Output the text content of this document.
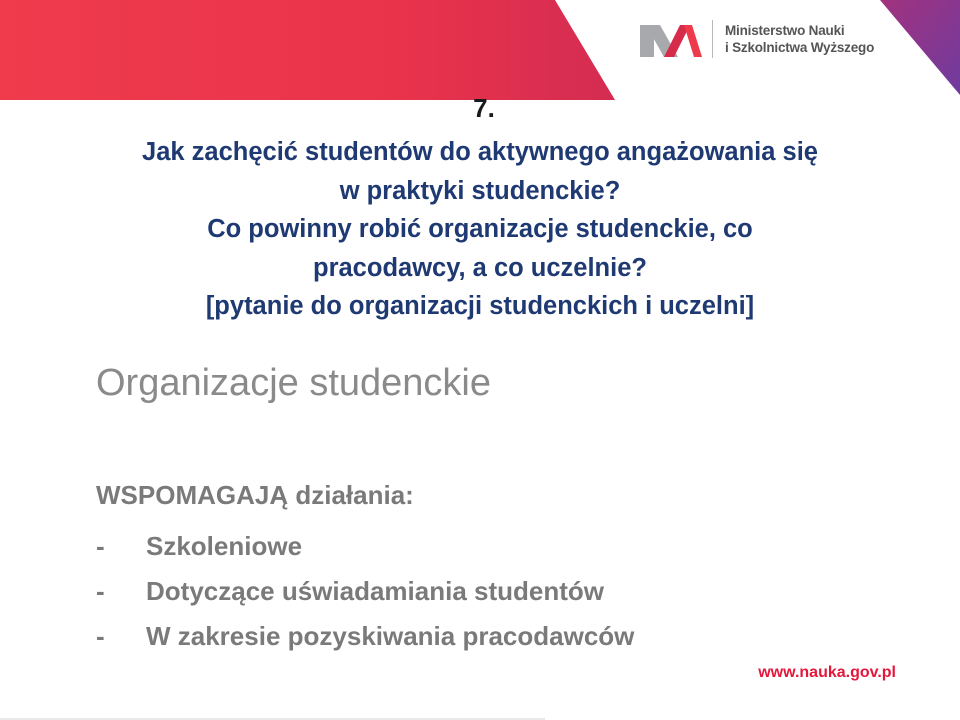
Ministerstwo Nauki
i Szkolnictwa Wyższego
7.
Jak zachęcić studentów do aktywnego angażowania się
w praktyki studenckie?
Co powinny robić organizacje studenckie, co
pracodawcy, a co uczelnie?
[pytanie do organizacji studenckich i uczelni]
Organizacje studenckie
WSPOMAGAJĄ działania:
- Szkoleniowe
- Dotyczące uświadamiania studentów
- W zakresie pozyskiwania pracodawców
www.nauka.gov.pl
